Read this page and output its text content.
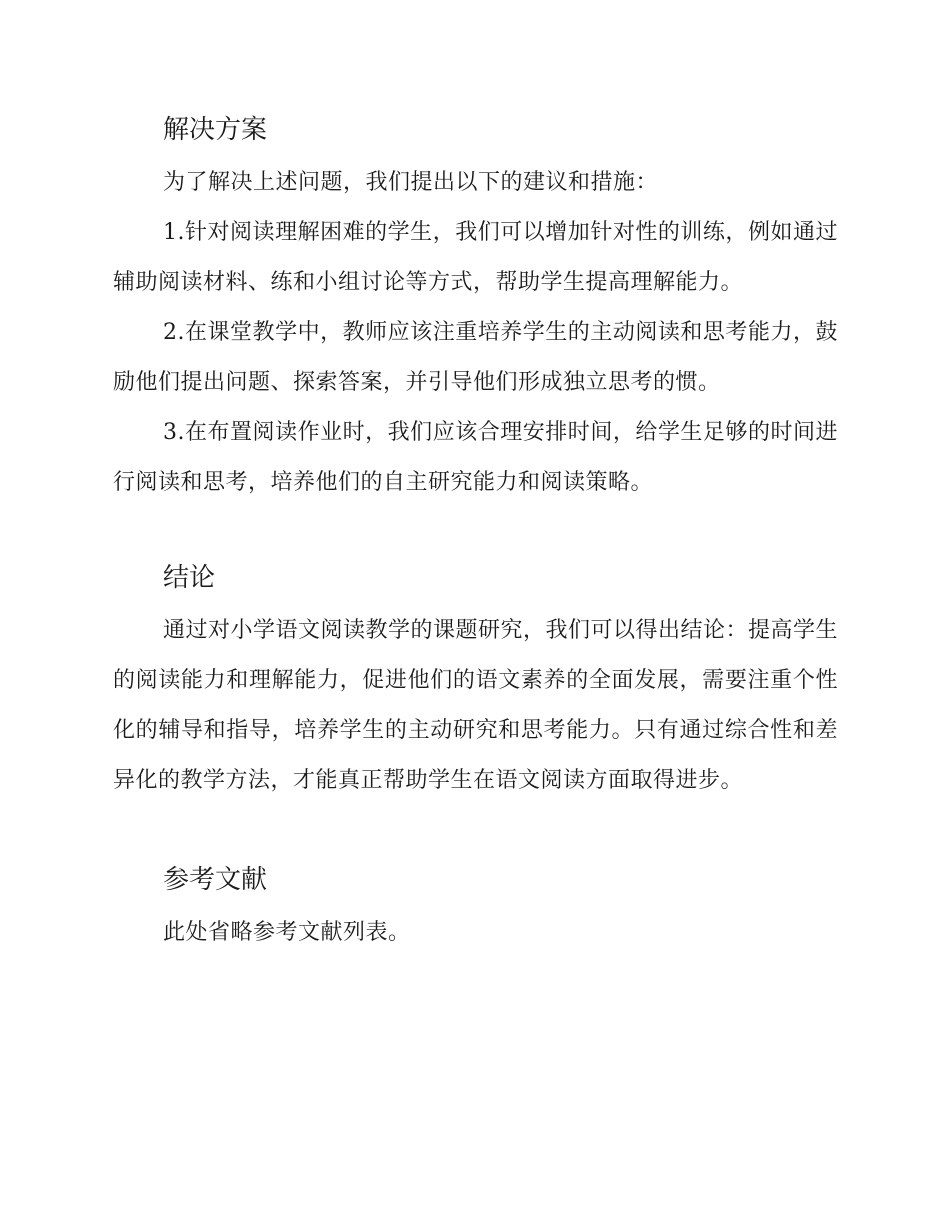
解决方案

为了解决上述问题，我们提出以下的建议和措施：

1.针对阅读理解困难的学生，我们可以增加针对性的训练，例如通过辅助阅读材料、练和小组讨论等方式，帮助学生提高理解能力。

2.在课堂教学中，教师应该注重培养学生的主动阅读和思考能力，鼓励他们提出问题、探索答案，并引导他们形成独立思考的惯。

3.在布置阅读作业时，我们应该合理安排时间，给学生足够的时间进行阅读和思考，培养他们的自主研究能力和阅读策略。

结论

通过对小学语文阅读教学的课题研究，我们可以得出结论：提高学生的阅读能力和理解能力，促进他们的语文素养的全面发展，需要注重个性化的辅导和指导，培养学生的主动研究和思考能力。只有通过综合性和差异化的教学方法，才能真正帮助学生在语文阅读方面取得进步。

参考文献

此处省略参考文献列表。
